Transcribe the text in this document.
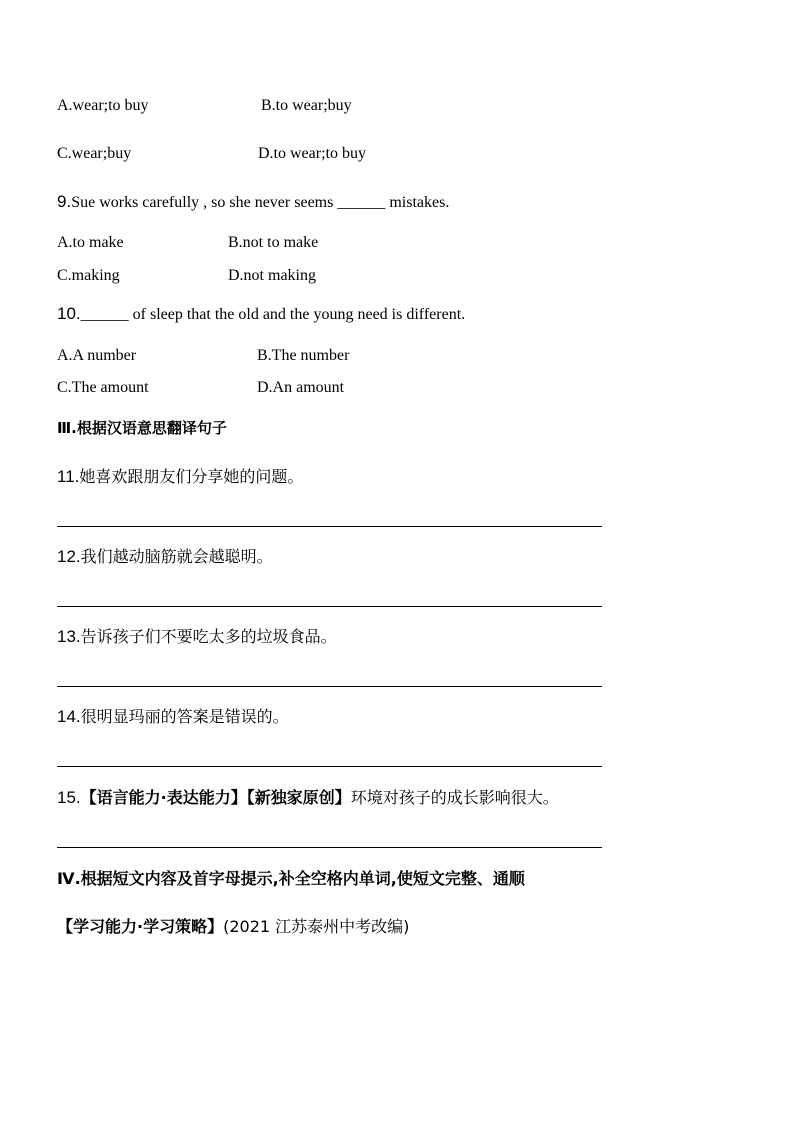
A.wear;to buy	B.to wear;buy
C.wear;buy	D.to wear;to buy
9.Sue works carefully , so she never seems ______ mistakes.
A.to make	B.not to make
C.making	D.not making
10.______ of sleep that the old and the young need is different.
A.A number	B.The number
C.The amount	D.An amount
Ⅲ.根据汉语意思翻译句子
11.她喜欢跟朋友们分享她的问题。
12.我们越动脑筋就会越聪明。
13.告诉孩子们不要吃太多的垃圾食品。
14.很明显玛丽的答案是错误的。
15.【语言能力·表达能力】【新独家原创】环境对孩子的成长影响很大。
Ⅳ.根据短文内容及首字母提示,补全空格内单词,使短文完整、通顺
【学习能力·学习策略】(2021 江苏泰州中考改编)
